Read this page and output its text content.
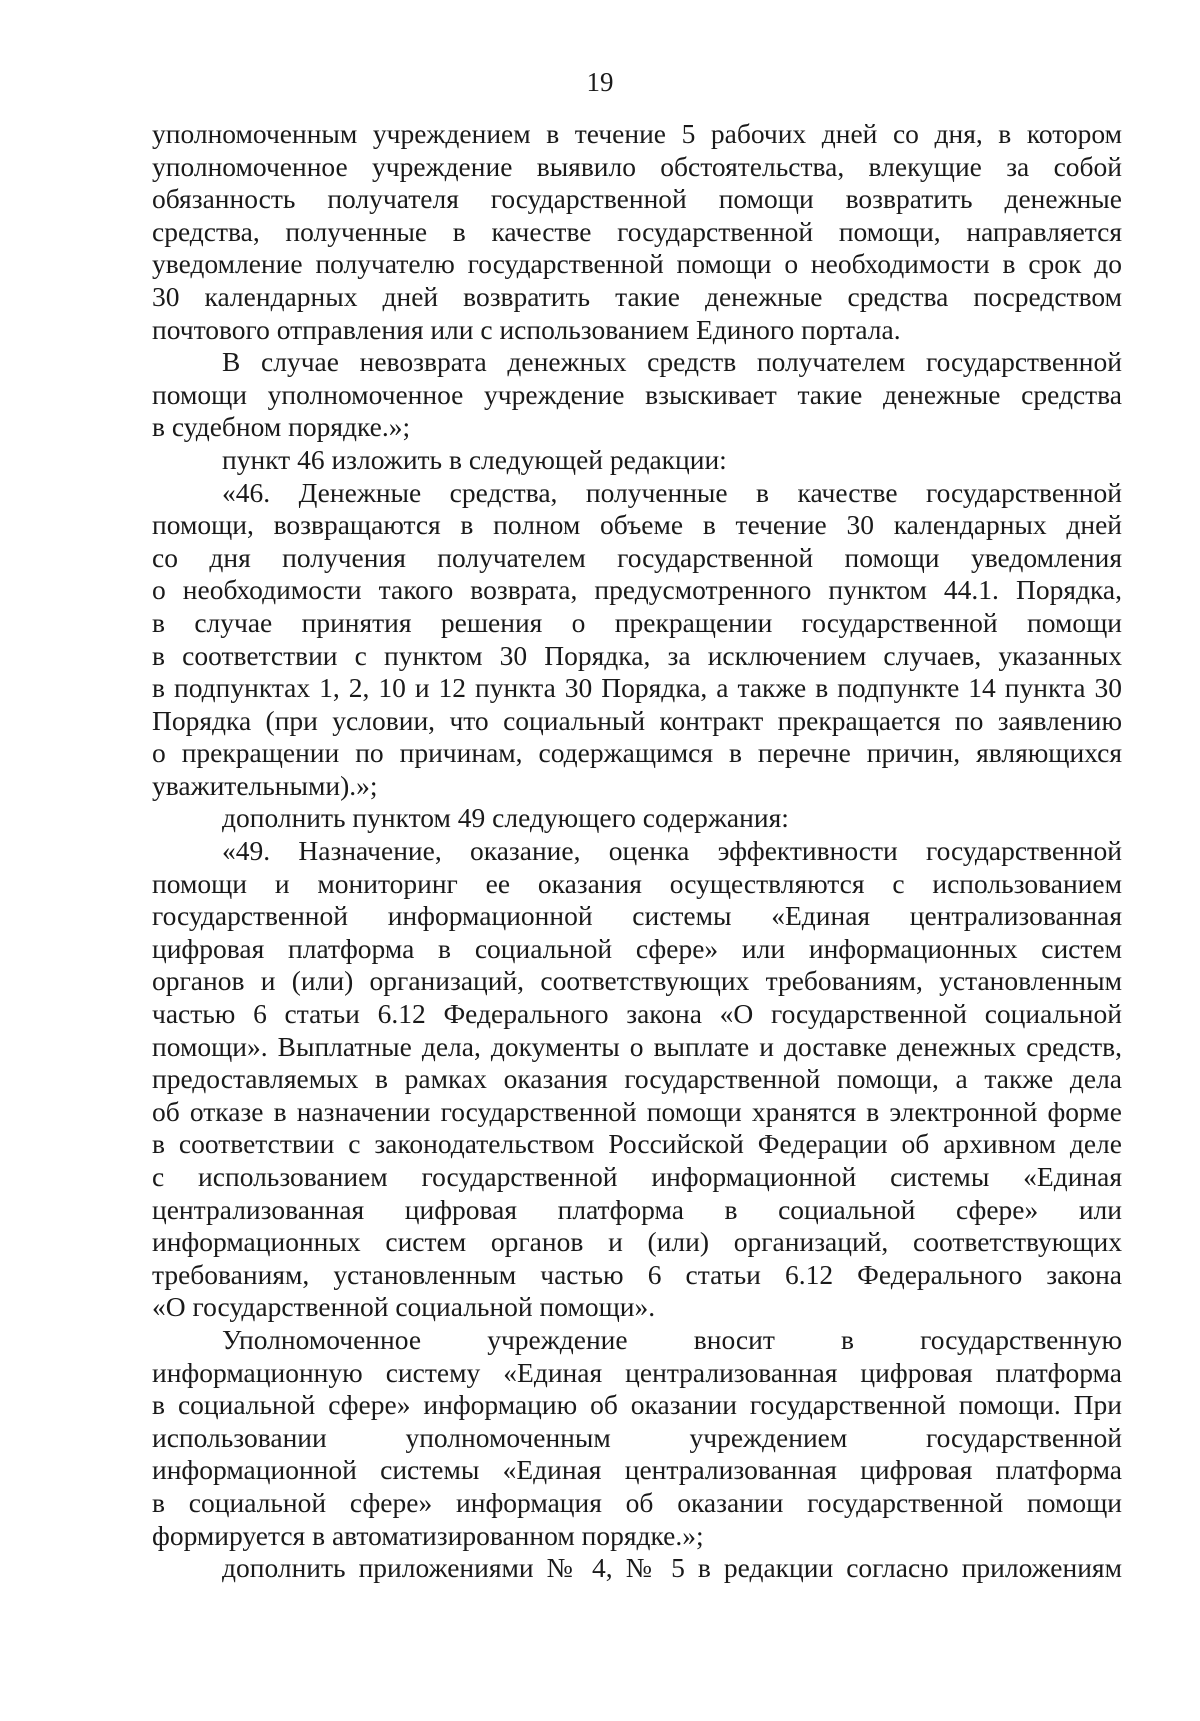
19
уполномоченным учреждением в течение 5 рабочих дней со дня, в котором
уполномоченное учреждение выявило обстоятельства, влекущие за собой
обязанность получателя государственной помощи возвратить денежные
средства, полученные в качестве государственной помощи, направляется
уведомление получателю государственной помощи о необходимости в срок до
30 календарных дней возвратить такие денежные средства посредством
почтового отправления или с использованием Единого портала.
В случае невозврата денежных средств получателем государственной
помощи уполномоченное учреждение взыскивает такие денежные средства
в судебном порядке.»;
пункт 46 изложить в следующей редакции:
«46. Денежные средства, полученные в качестве государственной
помощи, возвращаются в полном объеме в течение 30 календарных дней
со дня получения получателем государственной помощи уведомления
о необходимости такого возврата, предусмотренного пунктом 44.1. Порядка,
в случае принятия решения о прекращении государственной помощи
в соответствии с пунктом 30 Порядка, за исключением случаев, указанных
в подпунктах 1, 2, 10 и 12 пункта 30 Порядка, а также в подпункте 14 пункта 30
Порядка (при условии, что социальный контракт прекращается по заявлению
о прекращении по причинам, содержащимся в перечне причин, являющихся
уважительными).»;
дополнить пунктом 49 следующего содержания:
«49. Назначение, оказание, оценка эффективности государственной
помощи и мониторинг ее оказания осуществляются с использованием
государственной информационной системы «Единая централизованная
цифровая платформа в социальной сфере» или информационных систем
органов и (или) организаций, соответствующих требованиям, установленным
частью 6 статьи 6.12 Федерального закона «О государственной социальной
помощи». Выплатные дела, документы о выплате и доставке денежных средств,
предоставляемых в рамках оказания государственной помощи, а также дела
об отказе в назначении государственной помощи хранятся в электронной форме
в соответствии с законодательством Российской Федерации об архивном деле
с использованием государственной информационной системы «Единая
централизованная цифровая платформа в социальной сфере» или
информационных систем органов и (или) организаций, соответствующих
требованиям, установленным частью 6 статьи 6.12 Федерального закона
«О государственной социальной помощи».
Уполномоченное учреждение вносит в государственную
информационную систему «Единая централизованная цифровая платформа
в социальной сфере» информацию об оказании государственной помощи. При
использовании уполномоченным учреждением государственной
информационной системы «Единая централизованная цифровая платформа
в социальной сфере» информация об оказании государственной помощи
формируется в автоматизированном порядке.»;
дополнить приложениями № 4, № 5 в редакции согласно приложениям
